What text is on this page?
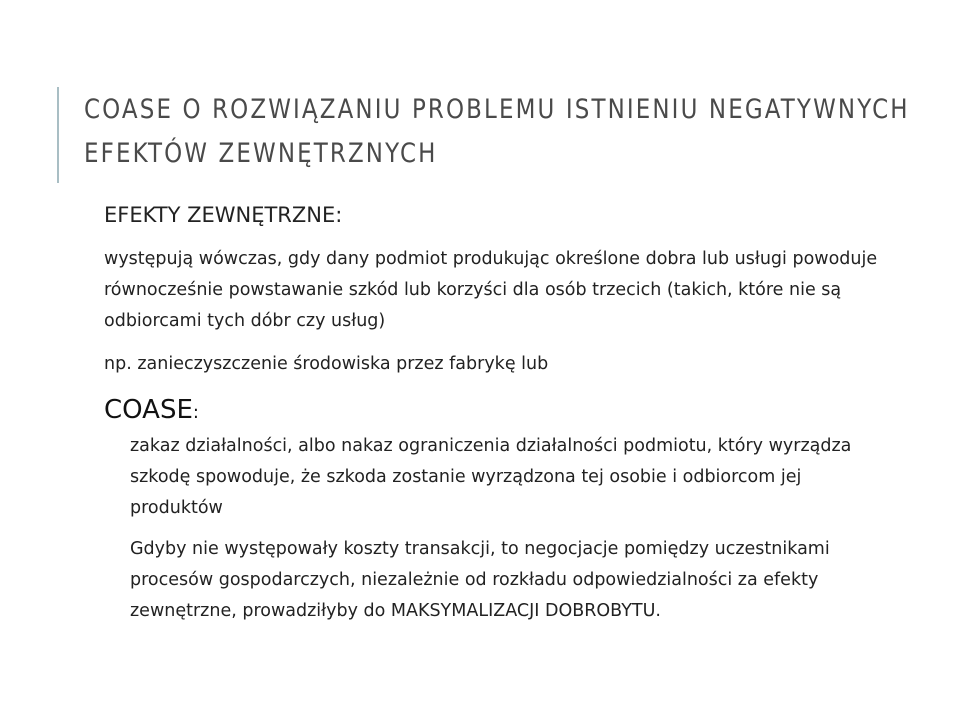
COASE O ROZWIĄZANIU PROBLEMU ISTNIENIU NEGATYWNYCH
EFEKTÓW ZEWNĘTRZNYCH
EFEKTY ZEWNĘTRZNE:

występują wówczas, gdy dany podmiot produkując określone dobra lub usługi powoduje równocześnie powstawanie szkód lub korzyści dla osób trzecich (takich, które nie są odbiorcami tych dóbr czy usług)

np. zanieczyszczenie środowiska przez fabrykę lub

COASE:

zakaz działalności, albo nakaz ograniczenia działalności podmiotu, który wyrządza szkodę spowoduje, że szkoda zostanie wyrządzona tej osobie i odbiorcom jej produktów

Gdyby nie występowały koszty transakcji, to negocjacje pomiędzy uczestnikami procesów gospodarczych, niezależnie od rozkładu odpowiedzialności za efekty zewnętrzne, prowadziłyby do MAKSYMALIZACJI DOBROBYTU.
